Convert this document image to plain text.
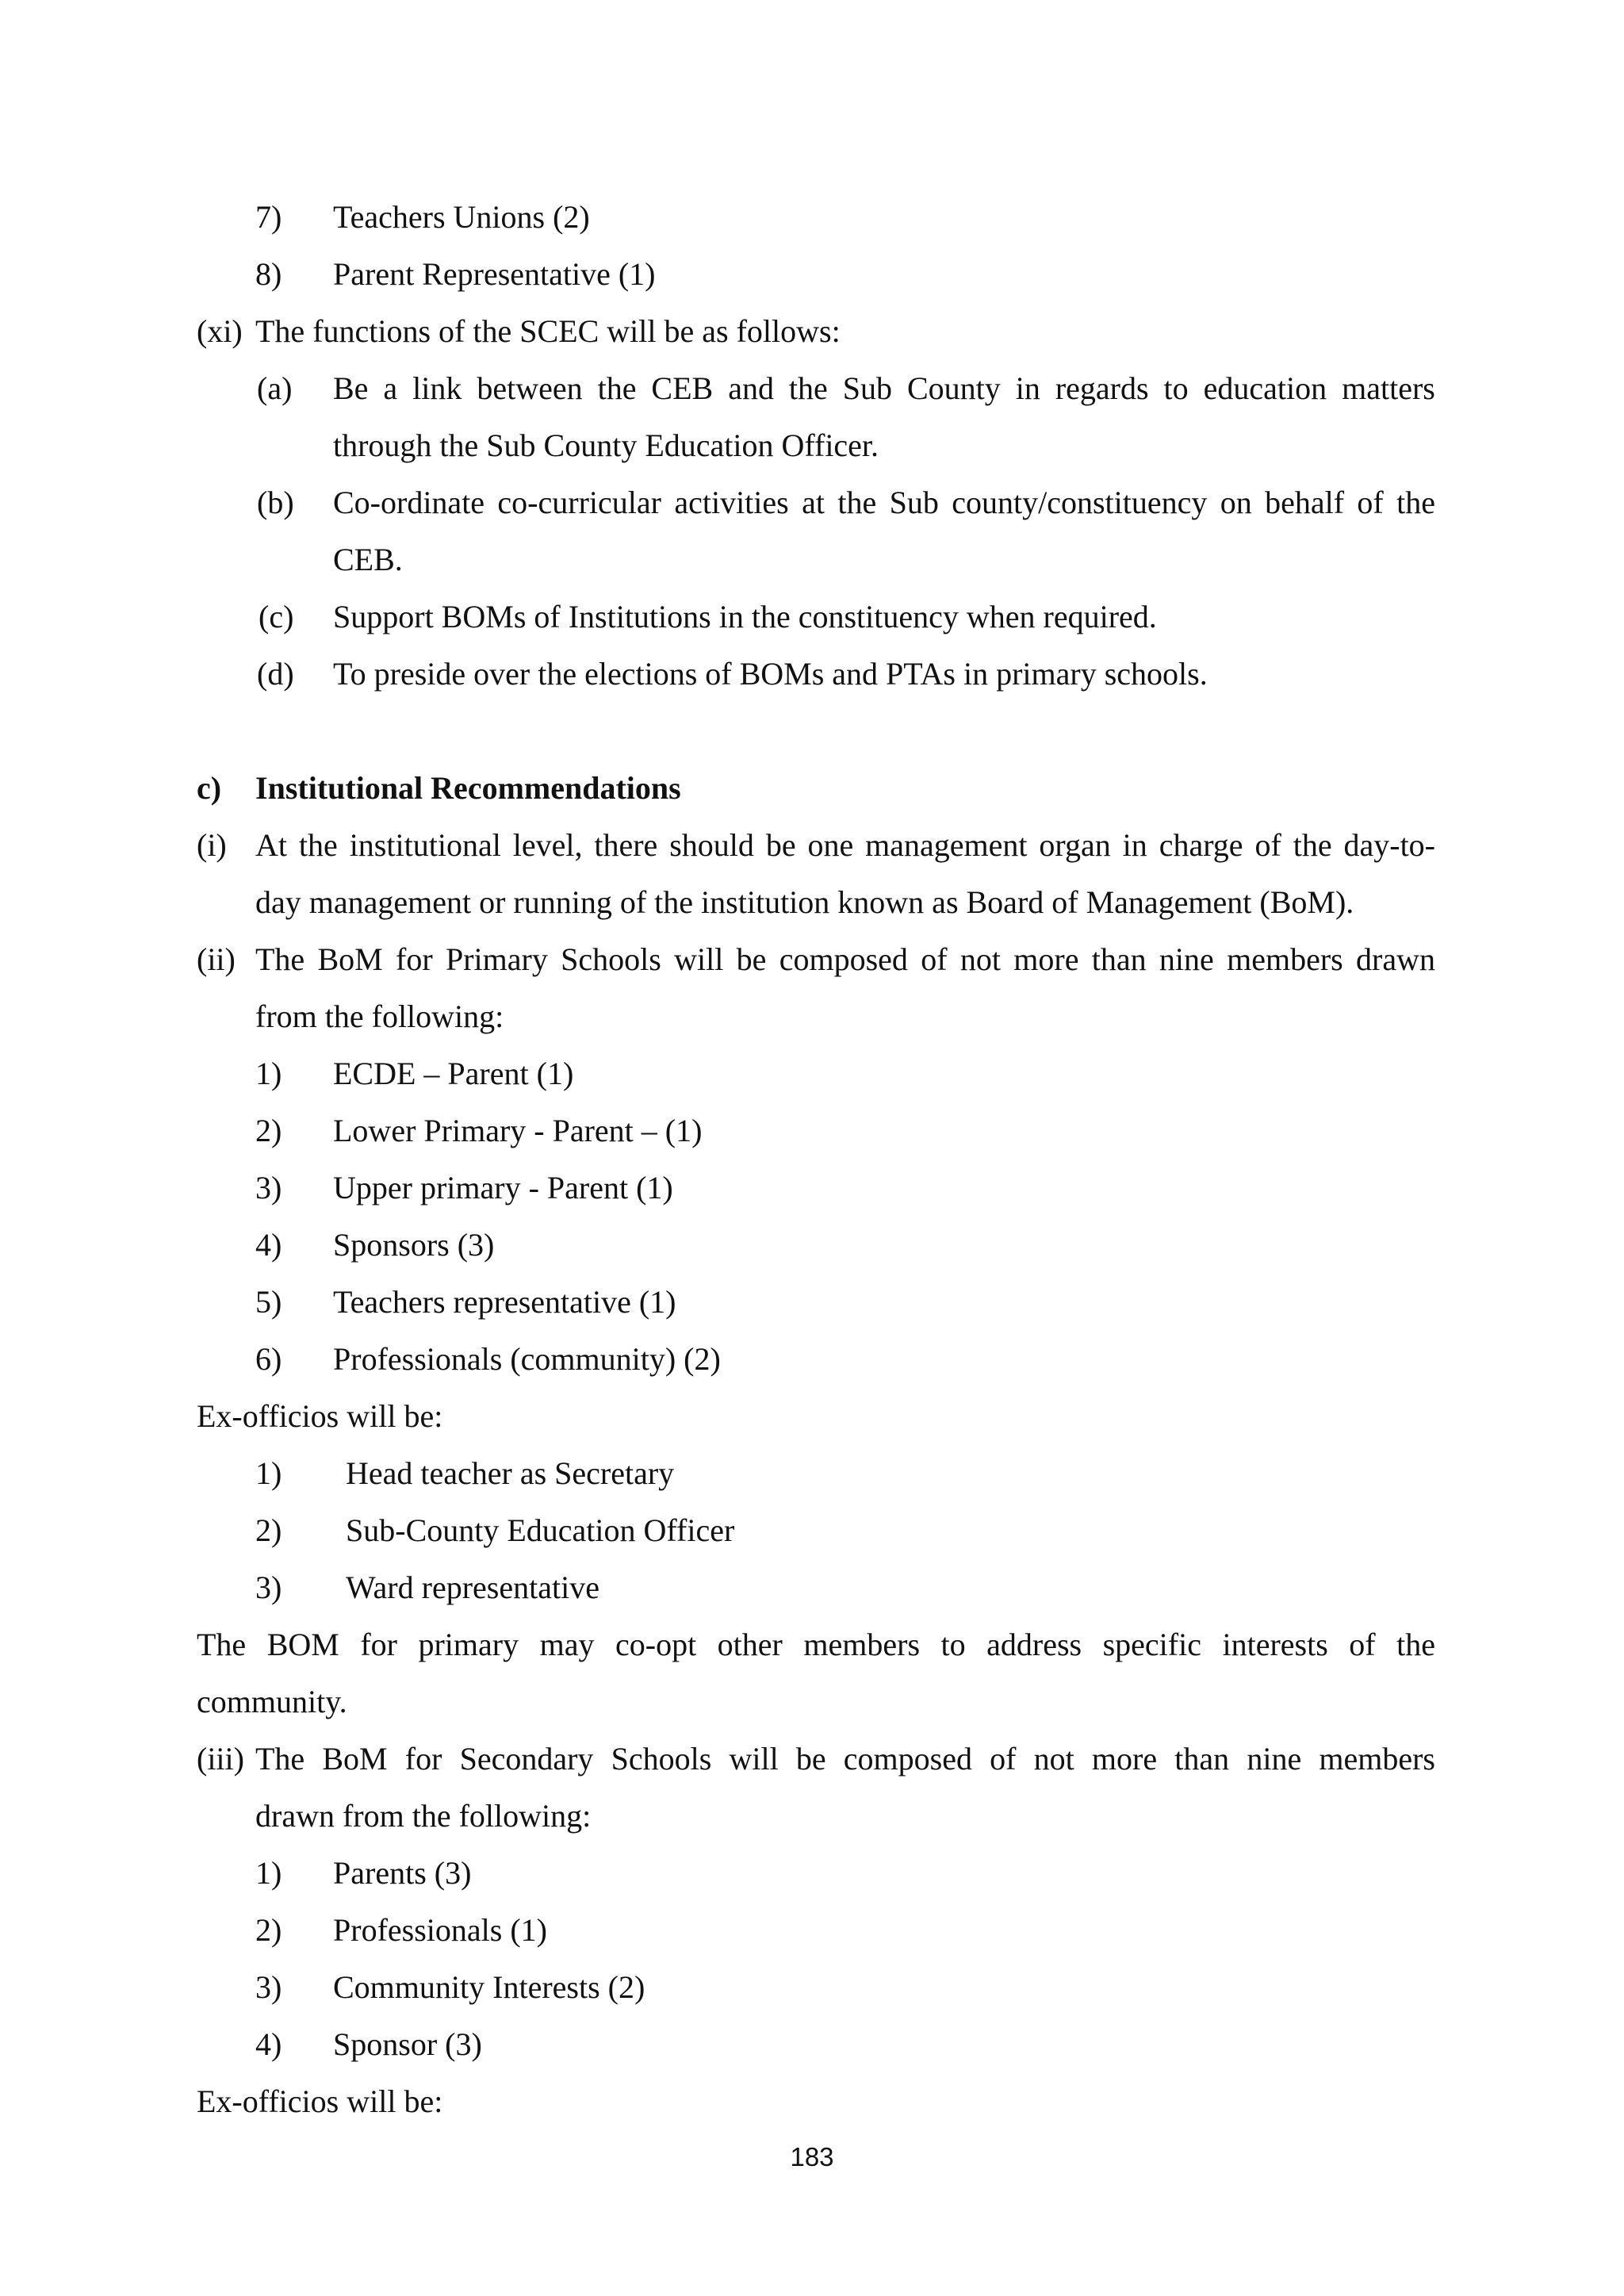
7) Teachers Unions (2)
8) Parent Representative (1)
(xi) The functions of the SCEC will be as follows:
(a) Be a link between the CEB and the Sub County in regards to education matters
through the Sub County Education Officer.
(b) Co-ordinate co-curricular activities at the Sub county/constituency on behalf of the
CEB.
(c) Support BOMs of Institutions in the constituency when required.
(d) To preside over the elections of BOMs and PTAs in primary schools.
c) Institutional Recommendations
(i) At the institutional level, there should be one management organ in charge of the day-to-
day management or running of the institution known as Board of Management (BoM).
(ii) The BoM for Primary Schools will be composed of not more than nine members drawn
from the following:
1) ECDE – Parent (1)
2) Lower Primary - Parent – (1)
3) Upper primary - Parent (1)
4) Sponsors (3)
5) Teachers representative (1)
6) Professionals (community) (2)
Ex-officios will be:
1) Head teacher as Secretary
2) Sub-County Education Officer
3) Ward representative
The BOM for primary may co-opt other members to address specific interests of the
community.
(iii) The BoM for Secondary Schools will be composed of not more than nine members
drawn from the following:
1) Parents (3)
2) Professionals (1)
3) Community Interests (2)
4) Sponsor (3)
Ex-officios will be:
183
